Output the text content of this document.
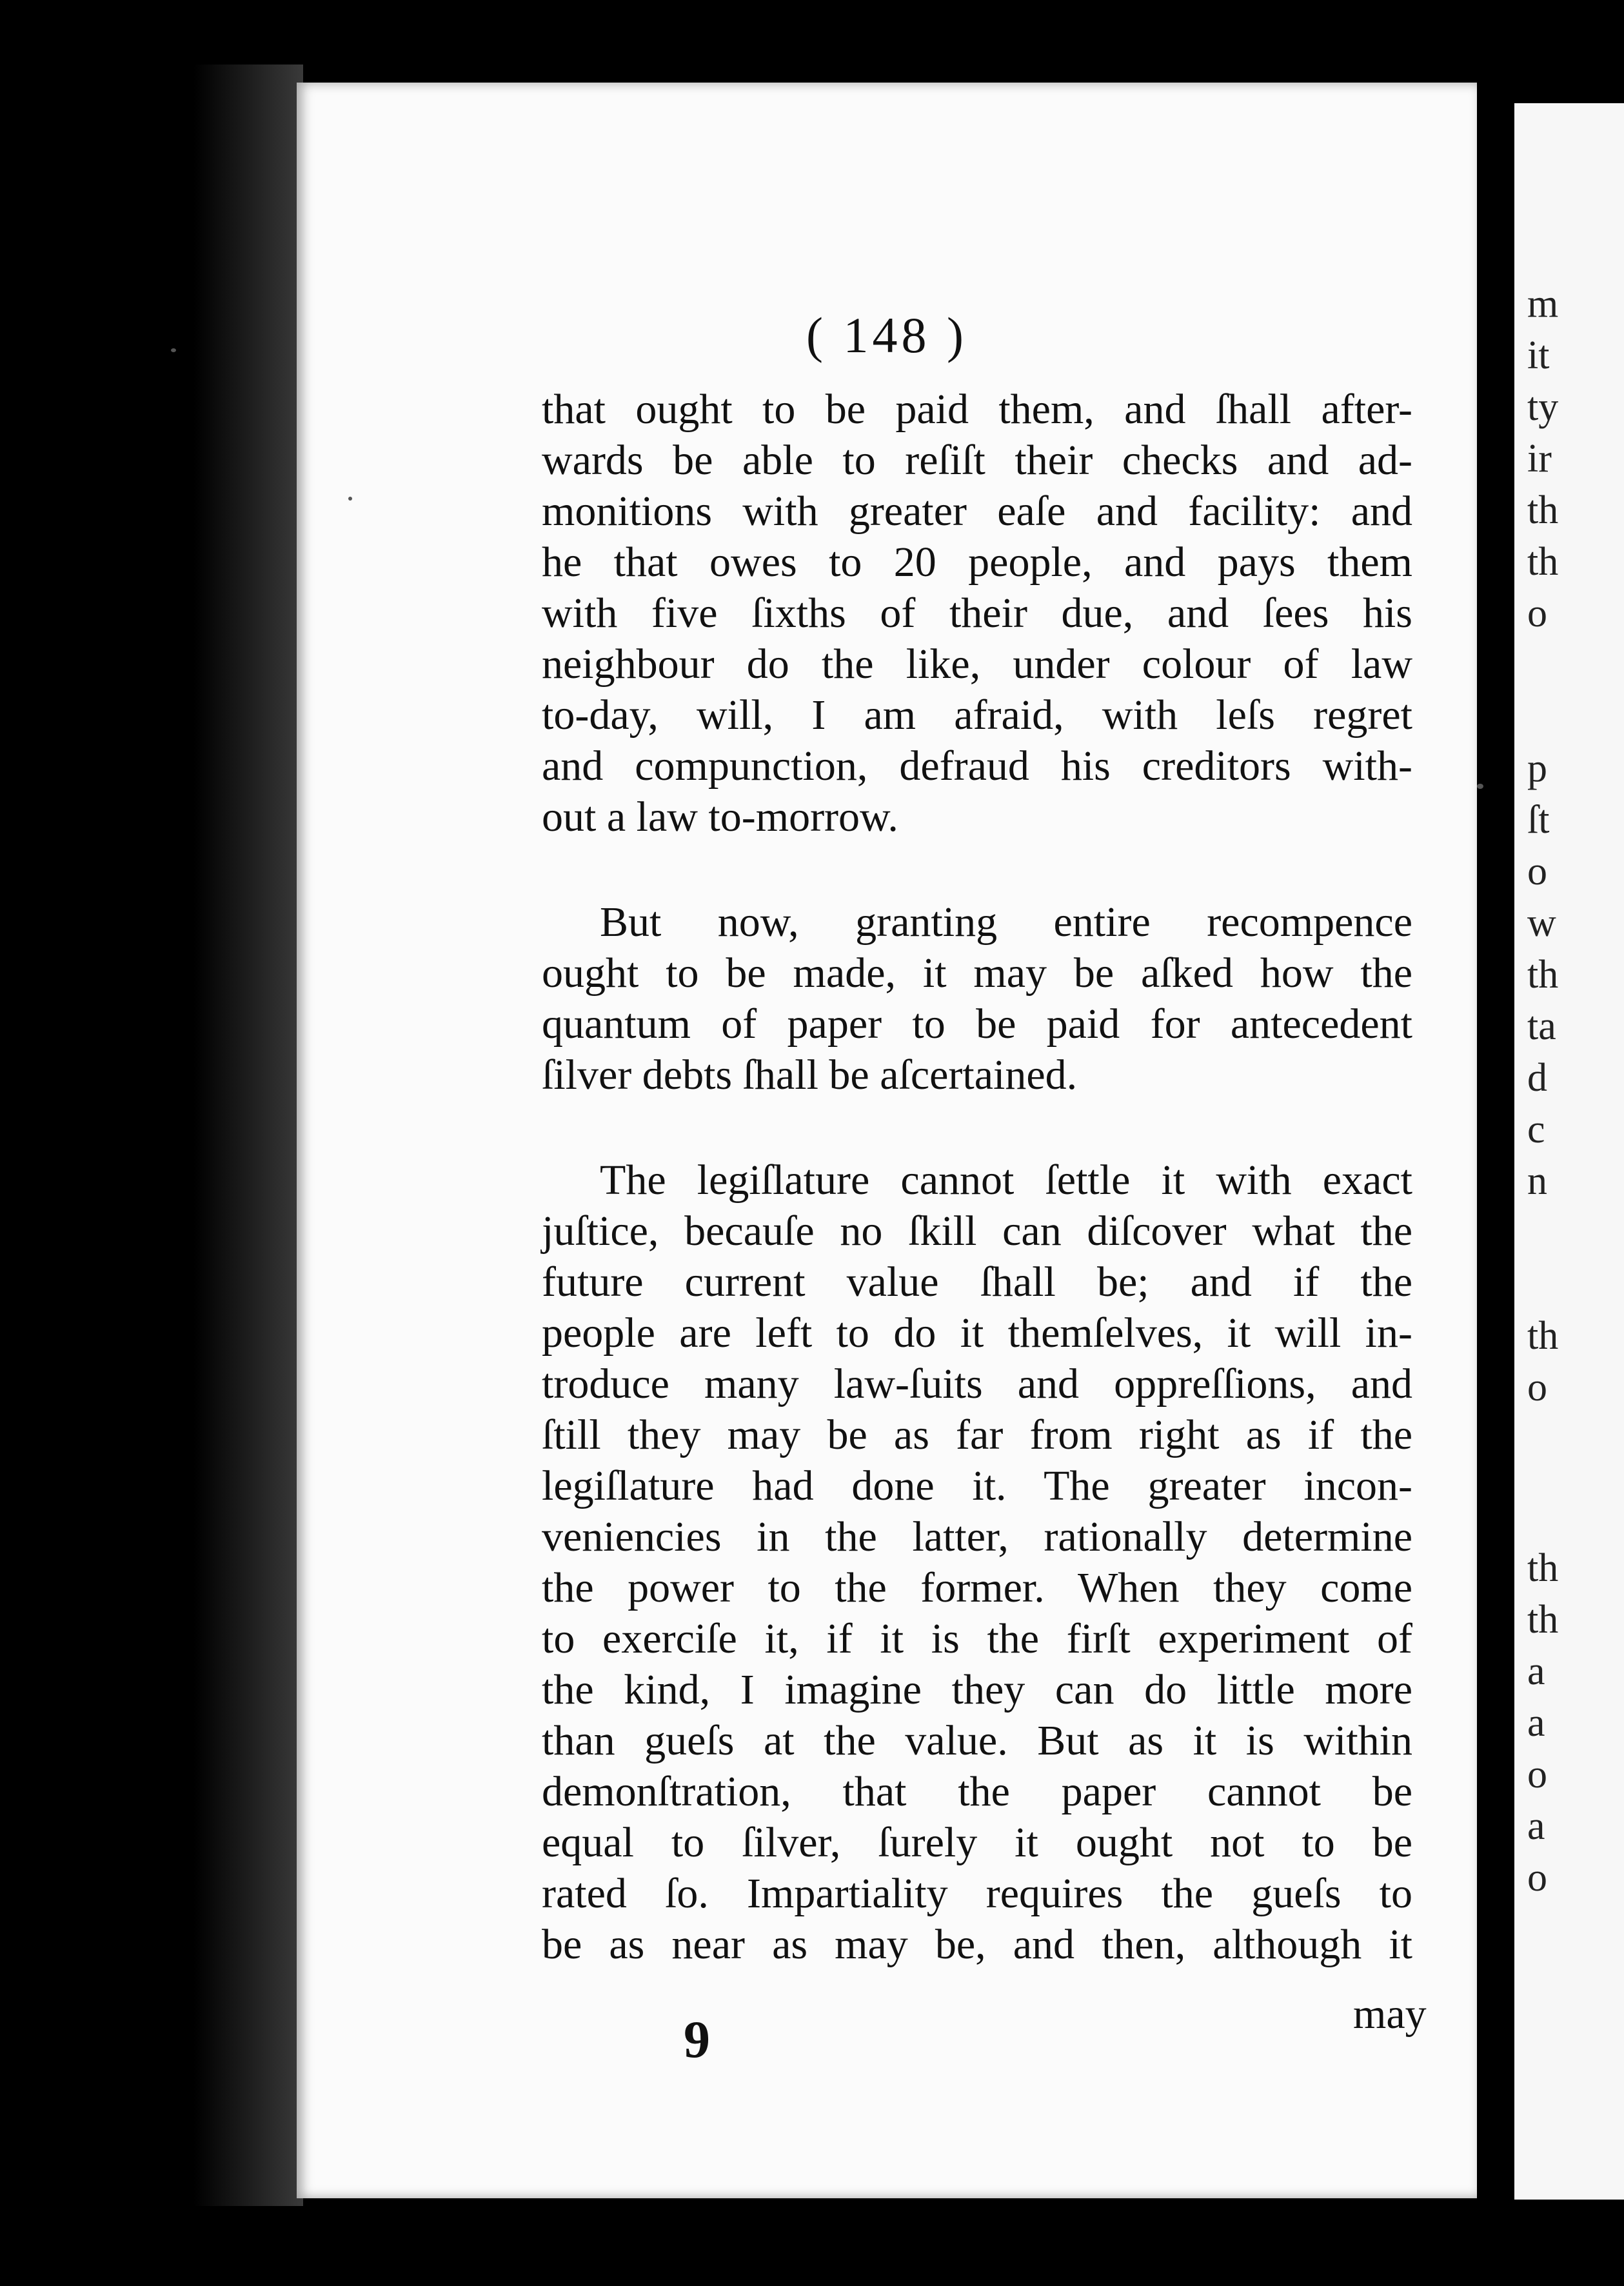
m
it
ty
ir
th
th
o
p
ſt
o
w
th
ta
d
c
n
th
o
th
th
a
a
o
a
o
( 148 )
that ought to be paid them, and ſhall after-
wards be able to reſiſt their checks and ad-
monitions with greater eaſe and facility: and
he that owes to 20 people, and pays them
with five ſixths of their due, and ſees his
neighbour do the like, under colour of law
to-day, will, I am afraid, with leſs regret
and compunction, defraud his creditors with-
out a law to-morrow.
But now, granting entire recompence
ought to be made, it may be aſked how the
quantum of paper to be paid for antecedent
ſilver debts ſhall be aſcertained.
The legiſlature cannot ſettle it with exact
juſtice, becauſe no ſkill can diſcover what the
future current value ſhall be; and if the
people are left to do it themſelves, it will in-
troduce many law-ſuits and oppreſſions, and
ſtill they may be as far from right as if the
legiſlature had done it. The greater incon-
veniencies in the latter, rationally determine
the power to the former. When they come
to exerciſe it, if it is the firſt experiment of
the kind, I imagine they can do little more
than gueſs at the value. But as it is within
demonſtration, that the paper cannot be
equal to ſilver, ſurely it ought not to be
rated ſo. Impartiality requires the gueſs to
be as near as may be, and then, although it
9	may
